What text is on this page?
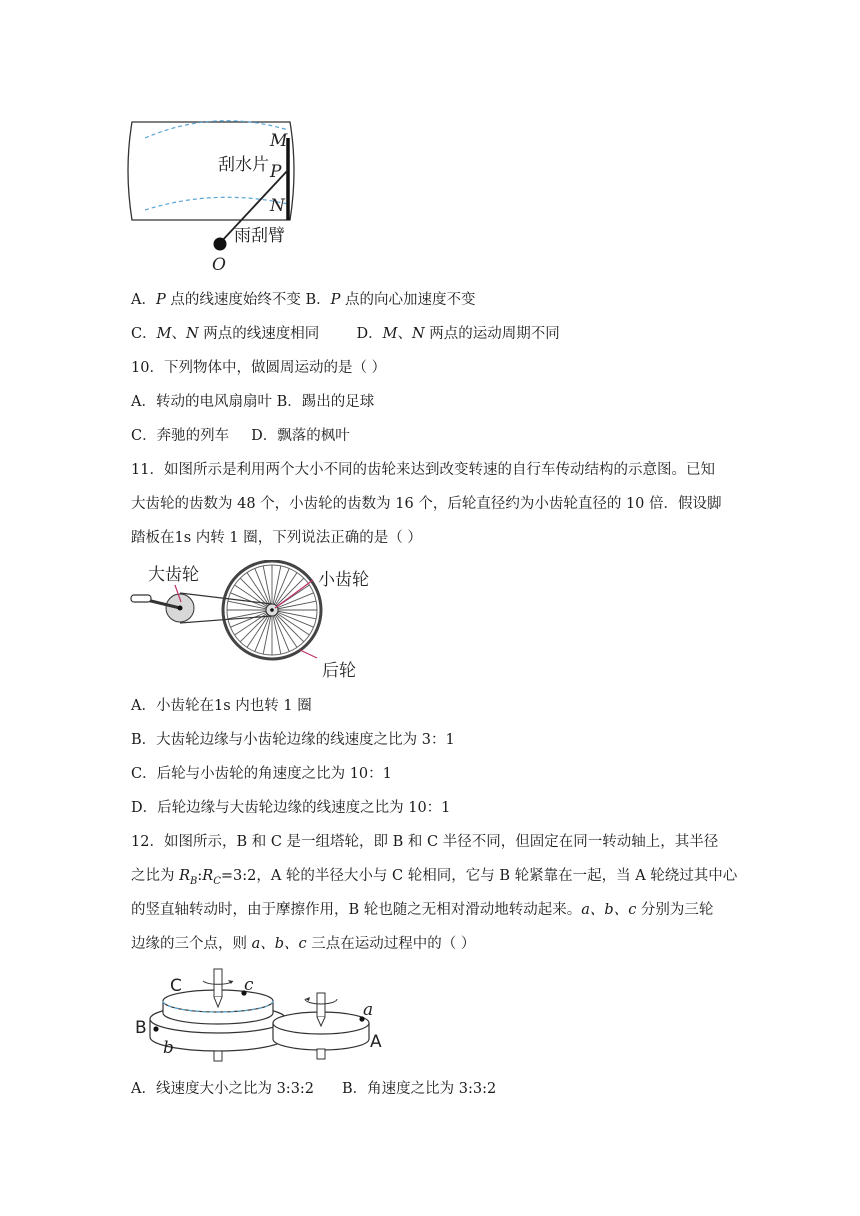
M
P
N
O
刮水片
雨刮臂
A．P 点的线速度始终不变 B．P 点的向心加速度不变
C．M、N 两点的线速度相同	D．M、N 两点的运动周期不同
10．下列物体中，做圆周运动的是（ ）
A．转动的电风扇扇叶 B．踢出的足球
C．奔驰的列车 D．飘落的枫叶
11．如图所示是利用两个大小不同的齿轮来达到改变转速的自行车传动结构的示意图。已知
大齿轮的齿数为 48 个，小齿轮的齿数为 16 个，后轮直径约为小齿轮直径的 10 倍．假设脚
踏板在1s 内转 1 圈，下列说法正确的是（ ）
大齿轮	小齿轮
后轮
A．小齿轮在1s 内也转 1 圈
B．大齿轮边缘与小齿轮边缘的线速度之比为 3：1
C．后轮与小齿轮的角速度之比为 10：1
D．后轮边缘与大齿轮边缘的线速度之比为 10：1
12．如图所示，B 和 C 是一组塔轮，即 B 和 C 半径不同，但固定在同一转动轴上，其半径
之比为 $R_B:R_C=3:2$，A 轮的半径大小与 C 轮相同，它与 B 轮紧靠在一起，当 A 轮绕过其中心
的竖直轴转动时，由于摩擦作用，B 轮也随之无相对滑动地转动起来。a、b、c 分别为三轮
边缘的三个点，则 a、b、c 三点在运动过程中的（ ）
C	c
B
b
a
A
A．线速度大小之比为 3:3:2 B．角速度之比为 3:3:2
